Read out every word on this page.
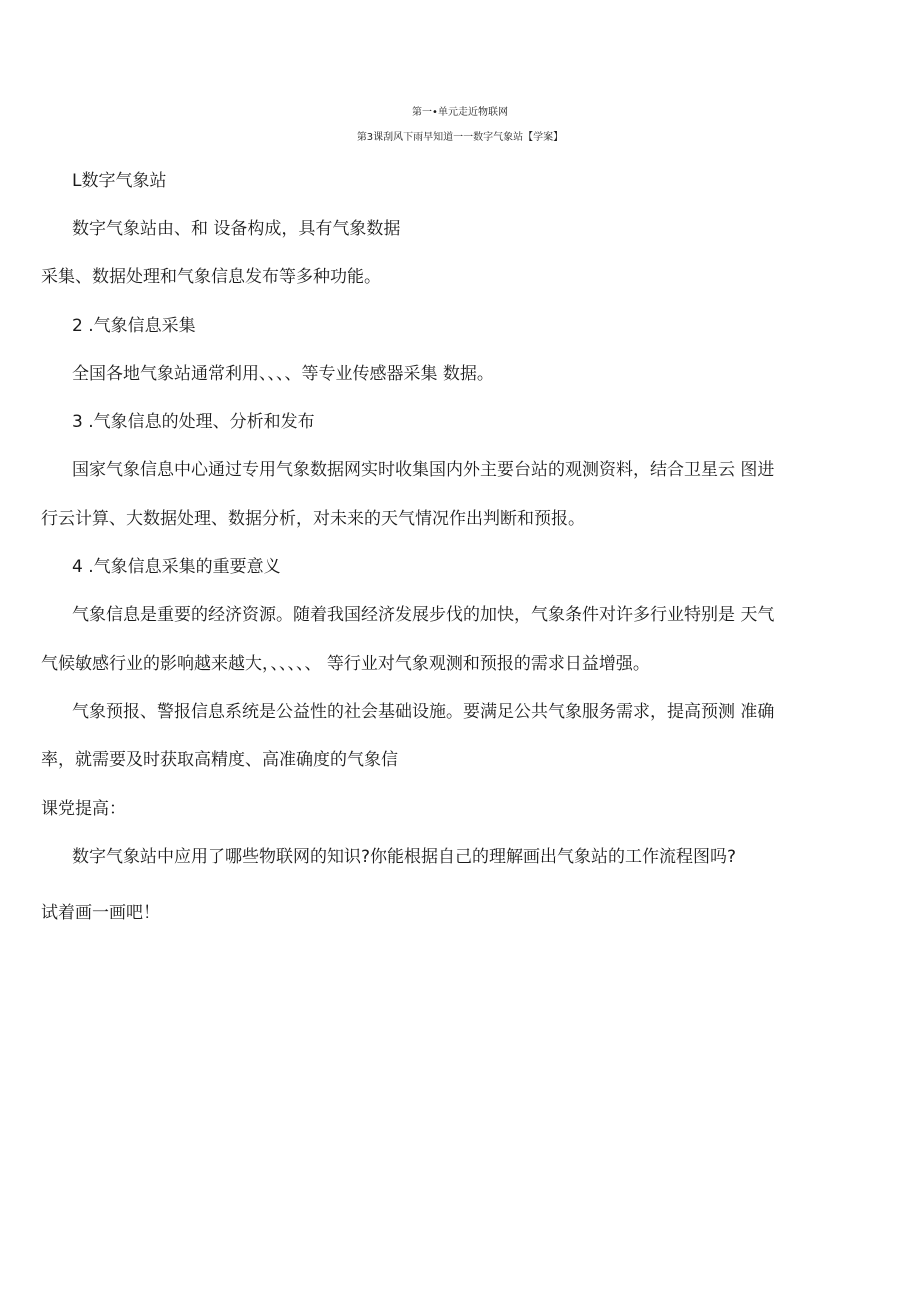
第一•单元走近物联网
第3课刮风下雨早知道一一数字气象站【学案】
L数字气象站
数字气象站由、和 设备构成，具有气象数据
采集、数据处理和气象信息发布等多种功能。
2 .气象信息采集
全国各地气象站通常利用、、、、等专业传感器采集 数据。
3 .气象信息的处理、分析和发布
国家气象信息中心通过专用气象数据网实时收集国内外主要台站的观测资料，结合卫星云 图进
行云计算、大数据处理、数据分析，对未来的天气情况作出判断和预报。
4 .气象信息采集的重要意义
气象信息是重要的经济资源。随着我国经济发展步伐的加快，气象条件对许多行业特别是 天气
气候敏感行业的影响越来越大，、、、、、 等行业对气象观测和预报的需求日益增强。
气象预报、警报信息系统是公益性的社会基础设施。要满足公共气象服务需求，提高预测 准确
率，就需要及时获取高精度、高准确度的气象信
课党提高：
数字气象站中应用了哪些物联网的知识?你能根据自己的理解画出气象站的工作流程图吗?
试着画一画吧！
